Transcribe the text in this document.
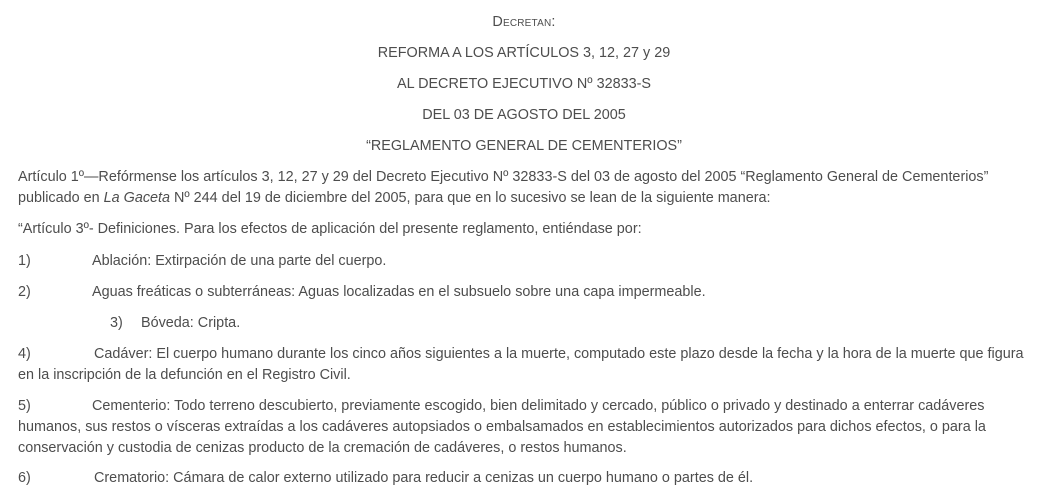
Decretan:

REFORMA A LOS ARTÍCULOS 3, 12, 27 y 29

AL DECRETO EJECUTIVO Nº 32833-S

DEL 03 DE AGOSTO DEL 2005

“REGLAMENTO GENERAL DE CEMENTERIOS”

Artículo 1º—Refórmense los artículos 3, 12, 27 y 29 del Decreto Ejecutivo Nº 32833-S del 03 de agosto del 2005 “Reglamento General de Cementerios” publicado en La Gaceta Nº 244 del 19 de diciembre del 2005, para que en lo sucesivo se lean de la siguiente manera:

“Artículo 3º- Definiciones. Para los efectos de aplicación del presente reglamento, entiéndase por:

1)	Ablación: Extirpación de una parte del cuerpo.

2)	Aguas freáticas o subterráneas: Aguas localizadas en el subsuelo sobre una capa impermeable.

3) Bóveda: Cripta.

4)	Cadáver: El cuerpo humano durante los cinco años siguientes a la muerte, computado este plazo desde la fecha y la hora de la muerte que figura en la inscripción de la defunción en el Registro Civil.

5)	Cementerio: Todo terreno descubierto, previamente escogido, bien delimitado y cercado, público o privado y destinado a enterrar cadáveres humanos, sus restos o vísceras extraídas a los cadáveres autopsiados o embalsamados en establecimientos autorizados para dichos efectos, o para la conservación y custodia de cenizas producto de la cremación de cadáveres, o restos humanos.

6)	Crematorio: Cámara de calor externo utilizado para reducir a cenizas un cuerpo humano o partes de él.
